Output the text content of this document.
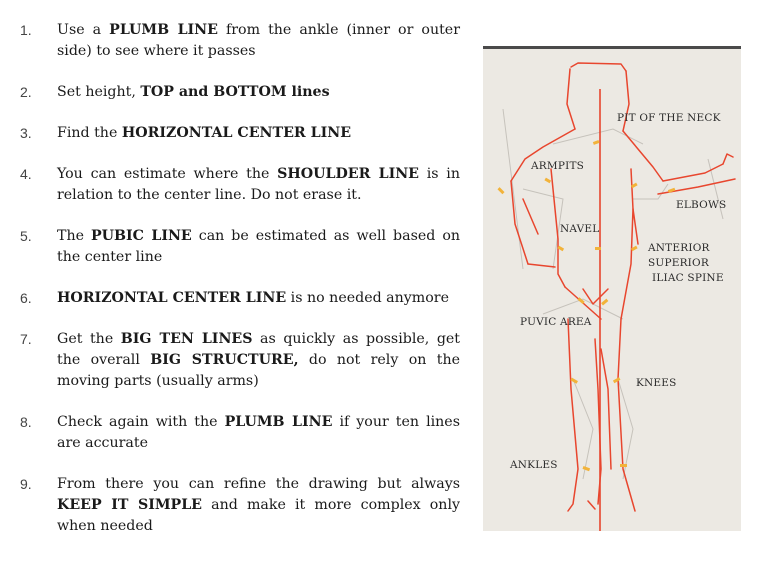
1.	Use a PLUMB LINE from the ankle (inner or outer side) to see where it passes
2.	Set height, TOP and BOTTOM lines
3.	Find the HORIZONTAL CENTER LINE
4.	You can estimate where the SHOULDER LINE is in relation to the center line. Do not erase it.
5.	The PUBIC LINE can be estimated as well based on the center line
6.	HORIZONTAL CENTER LINE is no needed anymore
7.	Get the BIG TEN LINES as quickly as possible, get the overall BIG STRUCTURE, do not rely on the moving parts (usually arms)
8.	Check again with the PLUMB LINE if your ten lines are accurate
9.	From there you can refine the drawing but always KEEP IT SIMPLE and make it more complex only when needed
PIT OF THE NECK
ARMPITS
ELBOWS
NAVEL
ANTERIOR
SUPERIOR
ILIAC SPINE
PUVIC AREA
KNEES
ANKLES
